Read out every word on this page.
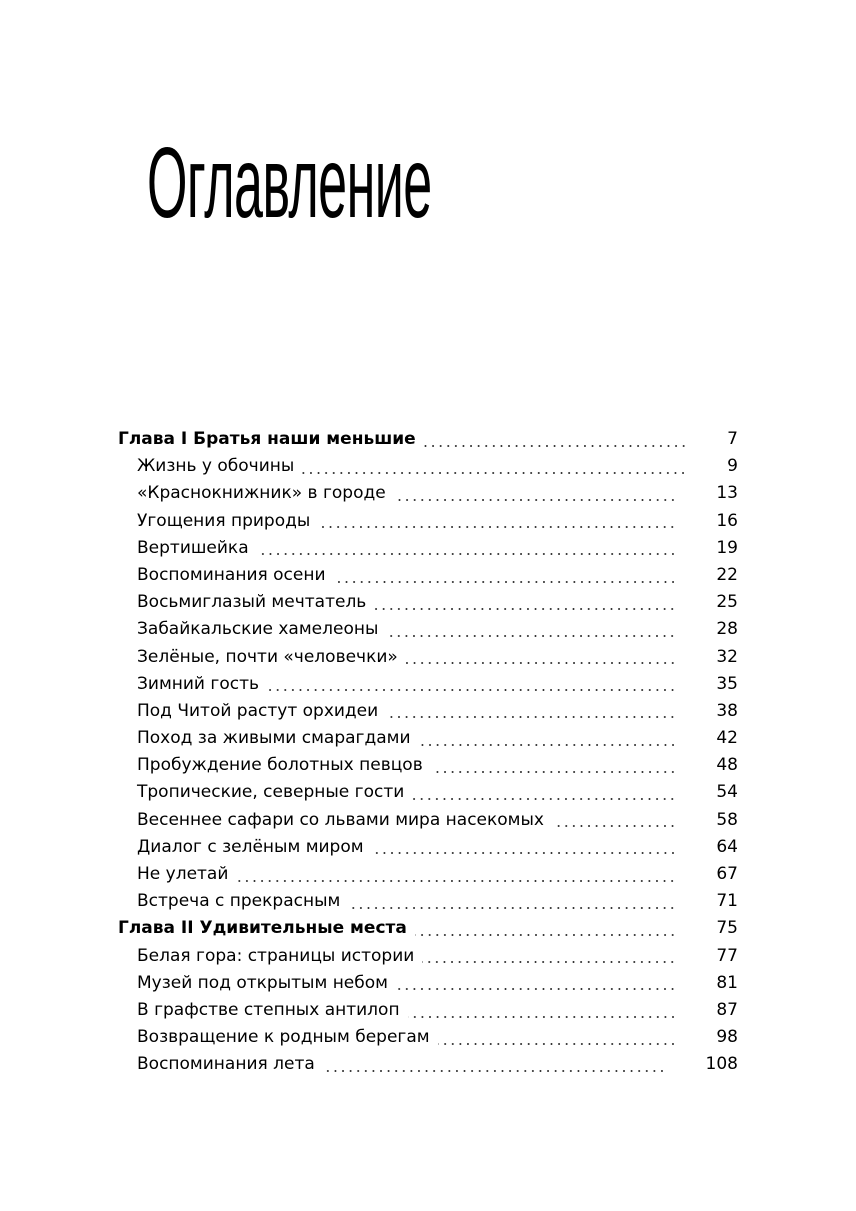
Оглавление
Глава I Братья наши меньшие	7
Жизнь у обочины	9
«Краснокнижник» в городе	13
Угощения природы	16
Вертишейка	19
Воспоминания осени	22
Восьмиглазый мечтатель	25
Забайкальские хамелеоны	28
Зелёные, почти «человечки»	32
Зимний гость	35
Под Читой растут орхидеи	38
Поход за живыми смарагдами	42
Пробуждение болотных певцов	48
Тропические, северные гости	54
Весеннее сафари со львами мира насекомых	58
Диалог с зелёным миром	64
Не улетай	67
Встреча с прекрасным	71
Глава II Удивительные места	75
Белая гора: страницы истории	77
Музей под открытым небом	81
В графстве степных антилоп	87
Возвращение к родным берегам	98
Воспоминания лета	108
